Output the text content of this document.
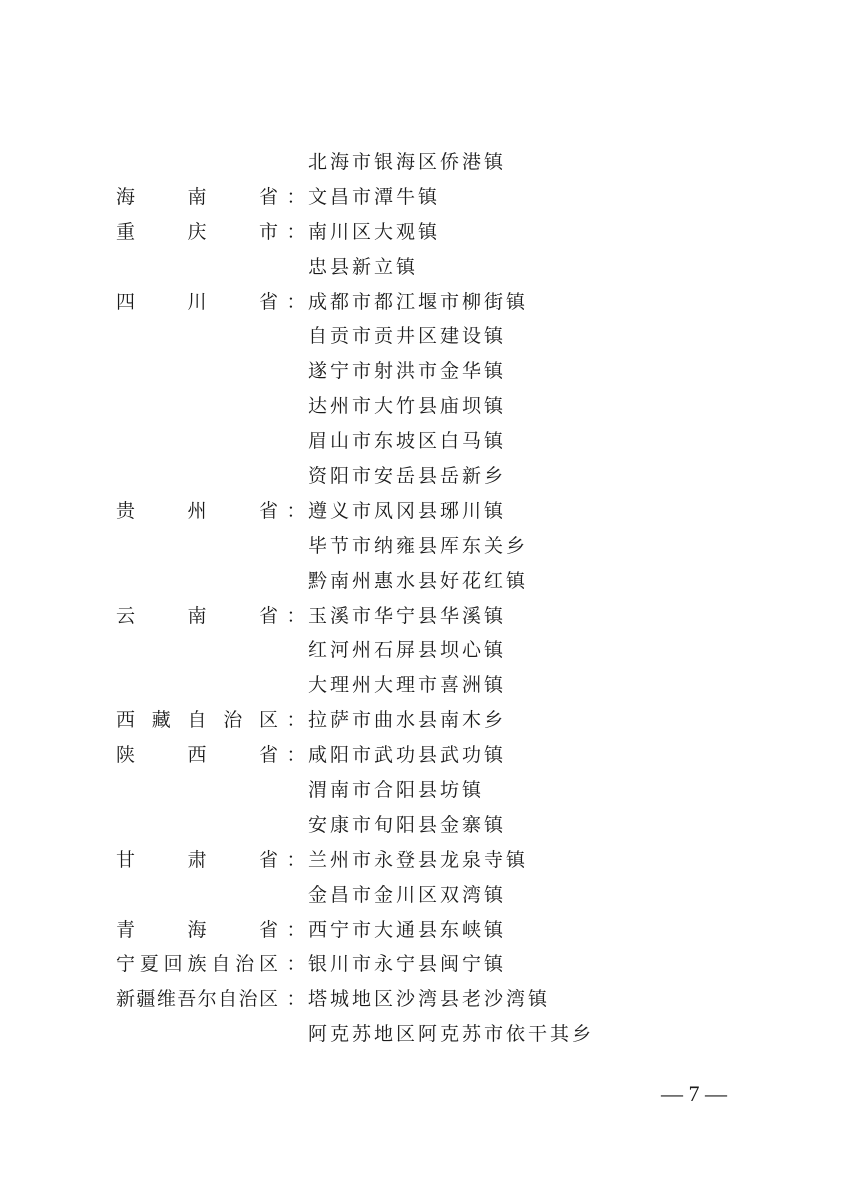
北海市银海区侨港镇
海	南	省 ： 文昌市潭牛镇
重	庆	市 ： 南川区大观镇
忠县新立镇
四	川	省 ： 成都市都江堰市柳街镇
自贡市贡井区建设镇
遂宁市射洪市金华镇
达州市大竹县庙坝镇
眉山市东坡区白马镇
资阳市安岳县岳新乡
贵	州	省 ： 遵义市凤冈县琊川镇
毕节市纳雍县厍东关乡
黔南州惠水县好花红镇
云	南	省 ： 玉溪市华宁县华溪镇
红河州石屏县坝心镇
大理州大理市喜洲镇
西 藏 自 治 区 ： 拉萨市曲水县南木乡
陕	西	省 ： 咸阳市武功县武功镇
渭南市合阳县坊镇
安康市旬阳县金寨镇
甘	肃	省 ： 兰州市永登县龙泉寺镇
金昌市金川区双湾镇
青	海	省 ： 西宁市大通县东峡镇
宁 夏 回 族 自 治 区 ： 银川市永宁县闽宁镇
新 疆 维 吾 尔 自 治 区 ： 塔城地区沙湾县老沙湾镇
阿克苏地区阿克苏市依干其乡
— 7 —
